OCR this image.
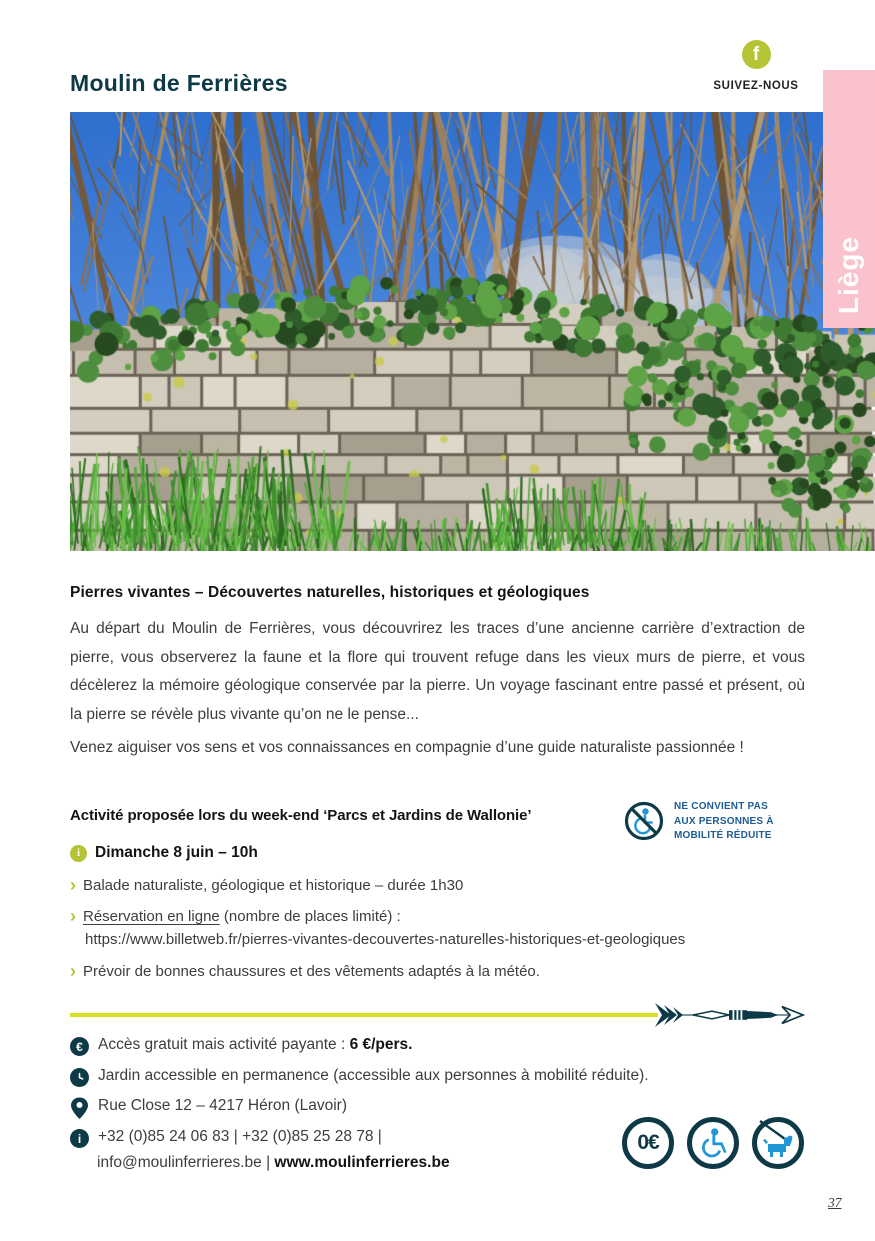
Moulin de Ferrières
f
SUIVEZ-NOUS
Liège
Pierres vivantes – Découvertes naturelles, historiques et géologiques
Au départ du Moulin de Ferrières, vous découvrirez les traces d’une ancienne carrière d’extraction de pierre, vous observerez la faune et la flore qui trouvent refuge dans les vieux murs de pierre, et vous décèlerez la mémoire géologique conservée par la pierre. Un voyage fascinant entre passé et présent, où la pierre se révèle plus vivante qu’on ne le pense...
Venez aiguiser vos sens et vos connaissances en compagnie d’une guide naturaliste passionnée !
Activité proposée lors du week-end ‘Parcs et Jardins de Wallonie’
NE CONVIENT PAS
AUX PERSONNES À
MOBILITÉ RÉDUITE
i Dimanche 8 juin – 10h
› Balade naturaliste, géologique et historique – durée 1h30
› Réservation en ligne (nombre de places limité) :
https://www.billetweb.fr/pierres-vivantes-decouvertes-naturelles-historiques-et-geologiques
› Prévoir de bonnes chaussures et des vêtements adaptés à la météo.
€ Accès gratuit mais activité payante : 6 €/pers.
Jardin accessible en permanence (accessible aux personnes à mobilité réduite).
Rue Close 12 – 4217 Héron (Lavoir)
i	+32 (0)85 24 06 83 | +32 (0)85 25 28 78 |
info@moulinferrieres.be | www.moulinferrieres.be
0€
37
